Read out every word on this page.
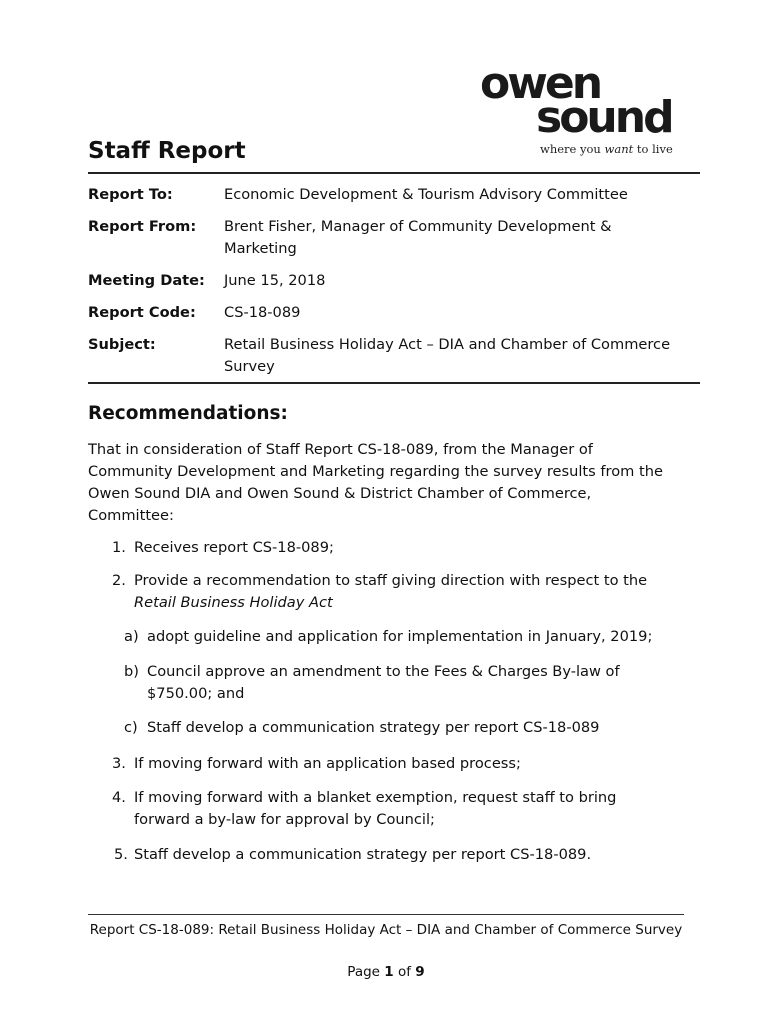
owen
sound
where you want to live
Staff Report
Report To:	Economic Development & Tourism Advisory Committee
Report From: Brent Fisher, Manager of Community Development & Marketing
Meeting Date: June 15, 2018
Report Code: CS-18-089
Subject:	Retail Business Holiday Act – DIA and Chamber of Commerce Survey
Recommendations:
That in consideration of Staff Report CS-18-089, from the Manager of Community Development and Marketing regarding the survey results from the Owen Sound DIA and Owen Sound & District Chamber of Commerce, Committee:
1. Receives report CS-18-089;
2. Provide a recommendation to staff giving direction with respect to the
Retail Business Holiday Act
a) adopt guideline and application for implementation in January, 2019;
b) Council approve an amendment to the Fees & Charges By-law of $750.00; and
c) Staff develop a communication strategy per report CS-18-089
3. If moving forward with an application based process;
4. If moving forward with a blanket exemption, request staff to bring forward a by-law for approval by Council;
5. Staff develop a communication strategy per report CS-18-089.
Report CS-18-089: Retail Business Holiday Act – DIA and Chamber of Commerce Survey
Page 1 of 9
